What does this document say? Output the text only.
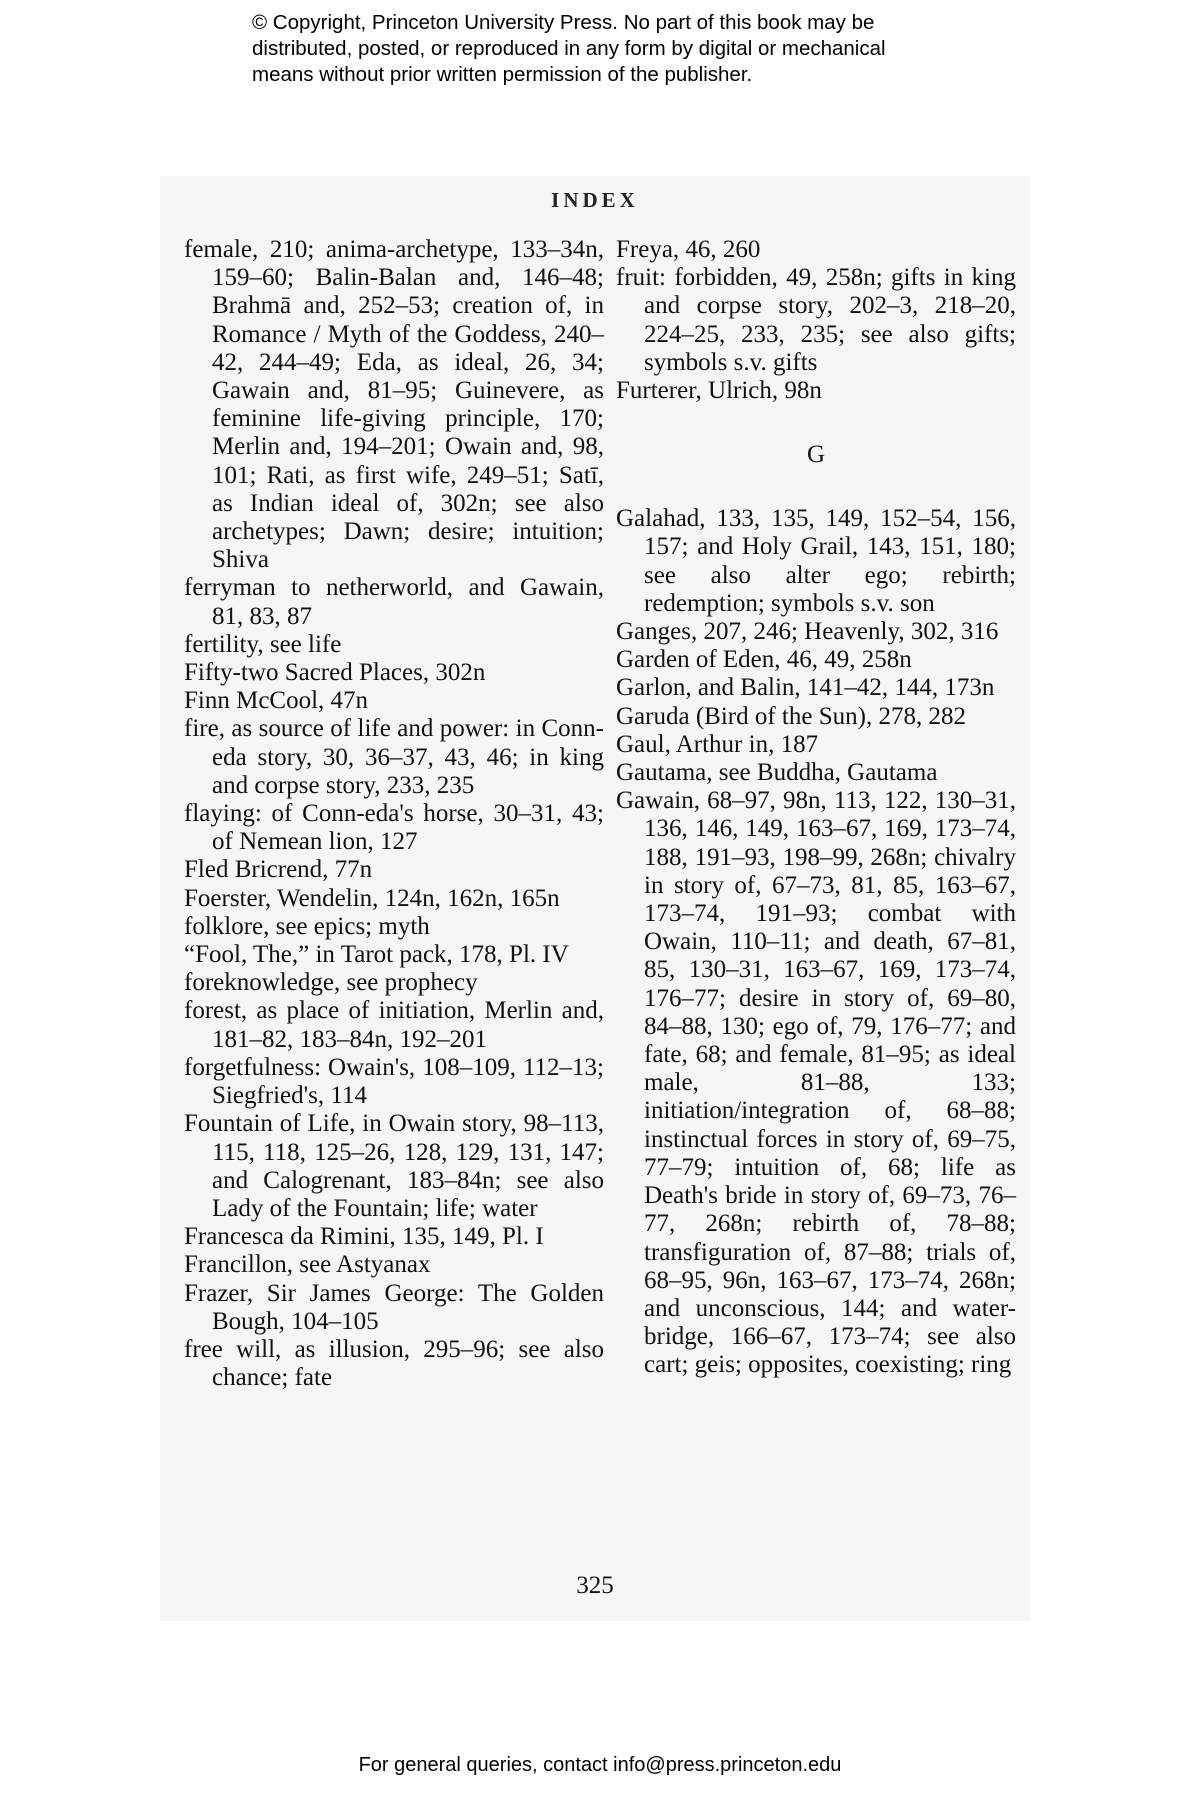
© Copyright, Princeton University Press. No part of this book may be
distributed, posted, or reproduced in any form by digital or mechanical
means without prior written permission of the publisher.
INDEX
female, 210; anima-archetype, 133–34n, 159–60; Balin-Balan and, 146–48; Brahmā and, 252–53; creation of, in Romance / Myth of the Goddess, 240–42, 244–49; Eda, as ideal, 26, 34; Gawain and, 81–95; Guinevere, as feminine life-giving principle, 170; Merlin and, 194–201; Owain and, 98, 101; Rati, as first wife, 249–51; Satī, as Indian ideal of, 302n; see also archetypes; Dawn; desire; intuition; Shiva
ferryman to netherworld, and Gawain, 81, 83, 87
fertility, see life
Fifty-two Sacred Places, 302n
Finn McCool, 47n
fire, as source of life and power: in Conn-eda story, 30, 36–37, 43, 46; in king and corpse story, 233, 235
flaying: of Conn-eda's horse, 30–31, 43; of Nemean lion, 127
Fled Bricrend, 77n
Foerster, Wendelin, 124n, 162n, 165n
folklore, see epics; myth
“Fool, The,” in Tarot pack, 178, Pl. IV
foreknowledge, see prophecy
forest, as place of initiation, Merlin and, 181–82, 183–84n, 192–201
forgetfulness: Owain's, 108–109, 112–13; Siegfried's, 114
Fountain of Life, in Owain story, 98–113, 115, 118, 125–26, 128, 129, 131, 147; and Calogrenant, 183–84n; see also Lady of the Fountain; life; water
Francesca da Rimini, 135, 149, Pl. I
Francillon, see Astyanax
Frazer, Sir James George: The Golden Bough, 104–105
free will, as illusion, 295–96; see also chance; fate
Freya, 46, 260
fruit: forbidden, 49, 258n; gifts in king and corpse story, 202–3, 218–20, 224–25, 233, 235; see also gifts; symbols s.v. gifts
Furterer, Ulrich, 98n
G
Galahad, 133, 135, 149, 152–54, 156, 157; and Holy Grail, 143, 151, 180; see also alter ego; rebirth; redemption; symbols s.v. son
Ganges, 207, 246; Heavenly, 302, 316
Garden of Eden, 46, 49, 258n
Garlon, and Balin, 141–42, 144, 173n
Garuda (Bird of the Sun), 278, 282
Gaul, Arthur in, 187
Gautama, see Buddha, Gautama
Gawain, 68–97, 98n, 113, 122, 130–31, 136, 146, 149, 163–67, 169, 173–74, 188, 191–93, 198–99, 268n; chivalry in story of, 67–73, 81, 85, 163–67, 173–74, 191–93; combat with Owain, 110–11; and death, 67–81, 85, 130–31, 163–67, 169, 173–74, 176–77; desire in story of, 69–80, 84–88, 130; ego of, 79, 176–77; and fate, 68; and female, 81–95; as ideal male, 81–88, 133; initiation/integration of, 68–88; instinctual forces in story of, 69–75, 77–79; intuition of, 68; life as Death's bride in story of, 69–73, 76–77, 268n; rebirth of, 78–88; transfiguration of, 87–88; trials of, 68–95, 96n, 163–67, 173–74, 268n; and unconscious, 144; and water-bridge, 166–67, 173–74; see also cart; geis; opposites, coexisting; ring
325
For general queries, contact info@press.princeton.edu
